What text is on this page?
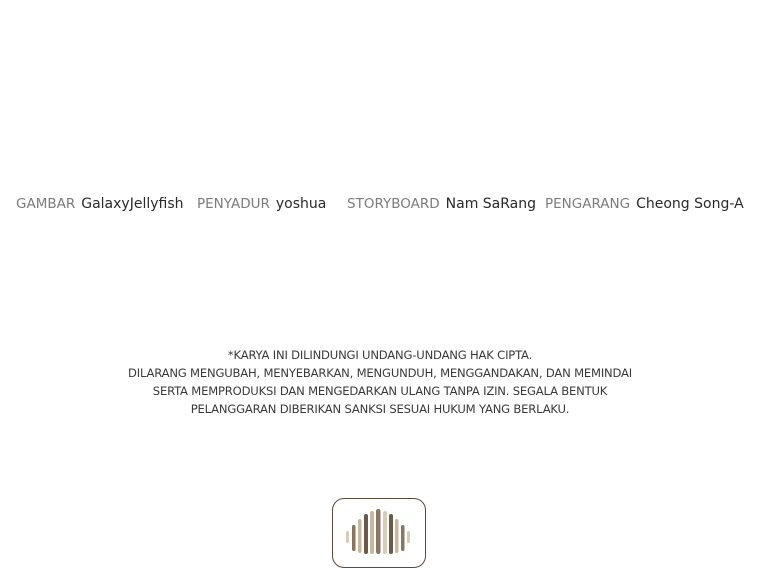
GAMBAR GalaxyJellyfish PENYADUR yoshua STORYBOARD Nam SaRang PENGARANG Cheong Song-A
*KARYA INI DILINDUNGI UNDANG-UNDANG HAK CIPTA.
DILARANG MENGUBAH, MENYEBARKAN, MENGUNDUH, MENGGANDAKAN, DAN MEMINDAI
SERTA MEMPRODUKSI DAN MENGEDARKAN ULANG TANPA IZIN. SEGALA BENTUK
PELANGGARAN DIBERIKAN SANKSI SESUAI HUKUM YANG BERLAKU.
